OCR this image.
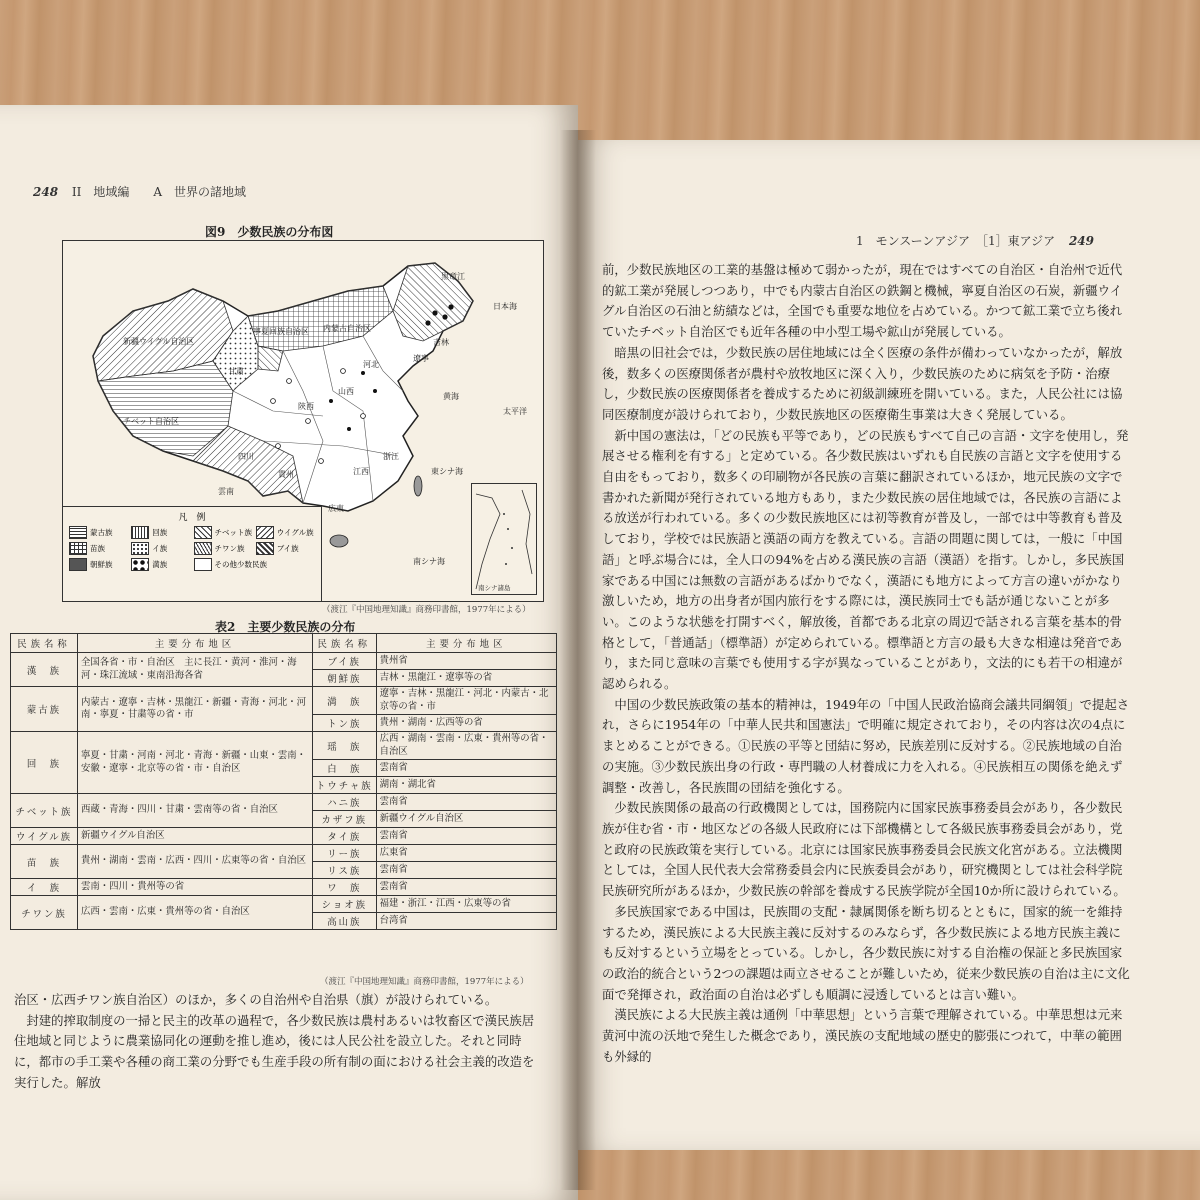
248 II　地域編　　A　世界の諸地域
図9　少数民族の分布図
新疆ウイグル自治区
寧夏回族自治区 内蒙古自治区
チベット自治区
黒竜江
吉林
遼寧
山西
河北
陝西
四川
雲南
貴州
広東
浙江
江西
甘粛
日本海
黄海
東シナ海
南シナ海
太平洋
南シナ諸島
凡　例
蒙古族	回族	チベット族	ウイグル族
苗族	イ族	チワン族	ブイ族
朝鮮族	満族	その他少数民族
（渡江『中国地理知識』商務印書館，1977年による）
表2　主要少数民族の分布
民族名称	主要分布地区	民族名称	主要分布地区
漢　族	全国各省・市・自治区　主に長江・黄河・淮河・海河・珠江流域・東南沿海各省	ブイ族	貴州省
		朝鮮族	吉林・黒龍江・遼寧等の省
		満　族	遼寧・吉林・黒龍江・河北・内蒙古・北京等の省・市
蒙古族	内蒙古・遼寧・吉林・黒龍江・新疆・青海・河北・河南・寧夏・甘粛等の省・市		
		トン族	貴州・湖南・広西等の省
回　族	寧夏・甘粛・河南・河北・青海・新疆・山東・雲南・安徽・遼寧・北京等の省・市・自治区	瑶　族	広西・湖南・雲南・広東・貴州等の省・自治区
		白　族	雲南省
		トウチャ族	湖南・湖北省
チベット族	西蔵・青海・四川・甘粛・雲南等の省・自治区	ハニ族	雲南省
		カザフ族	新疆ウイグル自治区
ウイグル族	新疆ウイグル自治区	タイ族	雲南省
苗　族	貴州・湖南・雲南・広西・四川・広東等の省・自治区	リー族	広東省
		リス族	雲南省
イ　族	雲南・四川・貴州等の省	ワ　族	雲南省
チワン族	広西・雲南・広東・貴州等の省・自治区	ショオ族	福建・浙江・江西・広東等の省
		高山族	台湾省
（渡江『中国地理知識』商務印書館，1977年による）

治区・広西チワン族自治区）のほか，多くの自治州や自治県（旗）が設けられている。

封建的搾取制度の一掃と民主的改革の過程で，各少数民族は農村あるいは牧畜区で漢民族居住地域と同じように農業協同化の運動を推し進め，後には人民公社を設立した。それと同時に，都市の手工業や各種の商工業の分野でも生産手段の所有制の面における社会主義的改造を実行した。解放

1　モンスーンアジア　［1］東アジア 249

前，少数民族地区の工業的基盤は極めて弱かったが，現在ではすべての自治区・自治州で近代的鉱工業が発展しつつあり，中でも内蒙古自治区の鉄鋼と機械，寧夏自治区の石炭，新疆ウイグル自治区の石油と紡績などは，全国でも重要な地位を占めている。かつて鉱工業で立ち後れていたチベット自治区でも近年各種の中小型工場や鉱山が発展している。

暗黒の旧社会では，少数民族の居住地域には全く医療の条件が備わっていなかったが，解放後，数多くの医療関係者が農村や放牧地区に深く入り，少数民族のために病気を予防・治療し，少数民族の医療関係者を養成するために初級訓練班を開いている。また，人民公社には協同医療制度が設けられており，少数民族地区の医療衛生事業は大きく発展している。

新中国の憲法は，「どの民族も平等であり，どの民族もすべて自己の言語・文字を使用し，発展させる権利を有する」と定めている。各少数民族はいずれも自民族の言語と文字を使用する自由をもっており，数多くの印刷物が各民族の言葉に翻訳されているほか，地元民族の文字で書かれた新聞が発行されている地方もあり，また少数民族の居住地域では，各民族の言語による放送が行われている。多くの少数民族地区には初等教育が普及し，一部では中等教育も普及しており，学校では民族語と漢語の両方を教えている。言語の問題に関しては，一般に「中国語」と呼ぶ場合には，全人口の94%を占める漢民族の言語（漢語）を指す。しかし，多民族国家である中国には無数の言語があるばかりでなく，漢語にも地方によって方言の違いがかなり激しいため，地方の出身者が国内旅行をする際には，漢民族同士でも話が通じないことが多い。このような状態を打開すべく，解放後，首都である北京の周辺で話される言葉を基本的骨格として，「普通話」（標準語）が定められている。標準語と方言の最も大きな相違は発音であり，また同じ意味の言葉でも使用する字が異なっていることがあり，文法的にも若干の相違が認められる。

中国の少数民族政策の基本的精神は，1949年の「中国人民政治協商会議共同綱領」で提起され，さらに1954年の「中華人民共和国憲法」で明確に規定されており，その内容は次の4点にまとめることができる。①民族の平等と団結に努め，民族差別に反対する。②民族地域の自治の実施。③少数民族出身の行政・専門職の人材養成に力を入れる。④民族相互の関係を絶えず調整・改善し，各民族間の団結を強化する。

少数民族関係の最高の行政機関としては，国務院内に国家民族事務委員会があり，各少数民族が住む省・市・地区などの各級人民政府には下部機構として各級民族事務委員会があり，党と政府の民族政策を実行している。北京には国家民族事務委員会民族文化宮がある。立法機関としては，全国人民代表大会常務委員会内に民族委員会があり，研究機関としては社会科学院民族研究所があるほか，少数民族の幹部を養成する民族学院が全国10か所に設けられている。

多民族国家である中国は，民族間の支配・隷属関係を断ち切るとともに，国家的統一を維持するため，漢民族による大民族主義に反対するのみならず，各少数民族による地方民族主義にも反対するという立場をとっている。しかし，各少数民族に対する自治権の保証と多民族国家の政治的統合という2つの課題は両立させることが難しいため，従来少数民族の自治は主に文化面で発揮され，政治面の自治は必ずしも順調に浸透しているとは言い難い。

漢民族による大民族主義は通例「中華思想」という言葉で理解されている。中華思想は元来黄河中流の沃地で発生した概念であり，漢民族の支配地域の歴史的膨張につれて，中華の範囲も外縁的
